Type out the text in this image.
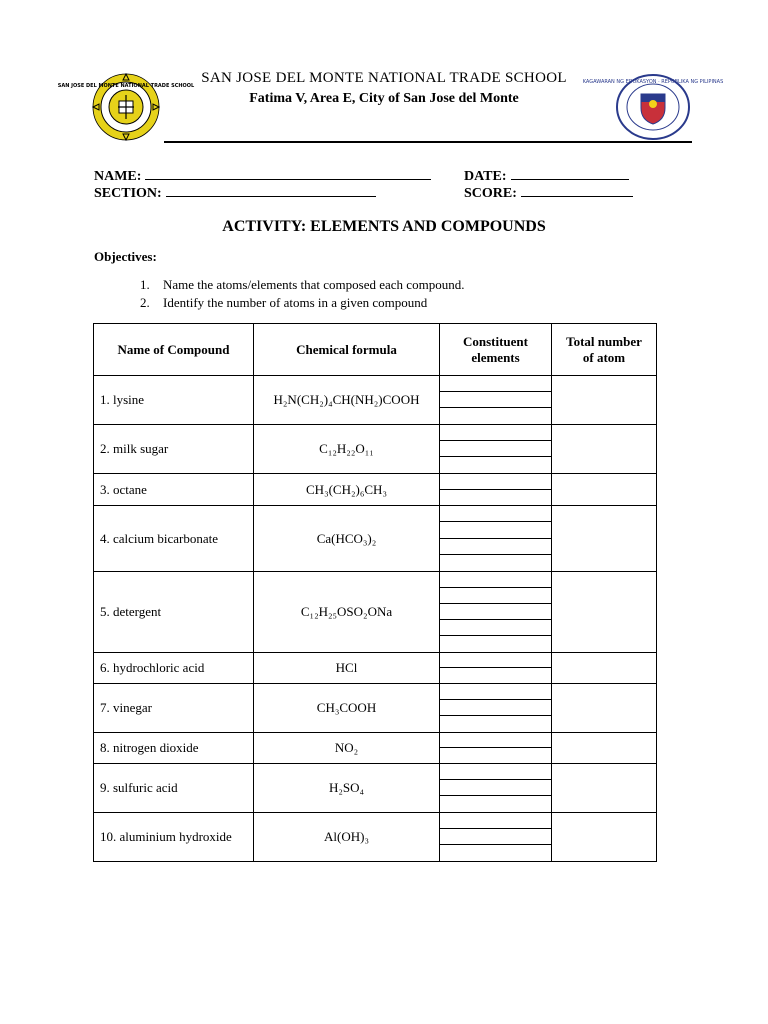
SAN JOSE DEL MONTE NATIONAL TRADE SCHOOL
KAGAWARAN NG EDUKASYON · REPUBLIKA NG PILIPINAS
SAN JOSE DEL MONTE NATIONAL TRADE SCHOOL
Fatima V, Area E, City of San Jose del Monte
NAME:	DATE:
SECTION:	SCORE:
ACTIVITY: ELEMENTS AND COMPOUNDS
Objectives:
1. Name the atoms/elements that composed each compound.
2. Identify the number of atoms in a given compound
Name of Compound	Chemical formula	Constituent elements	Total number of atom
1. lysine	H₂N(CH₂)₄CH(NH₂)COOH	

2. milk sugar	C₁₂H₂₂O₁₁	

3. octane	CH₃(CH₂)₆CH₃	

4. calcium bicarbonate	Ca(HCO₃)₂	

5. detergent	C₁₂H₂₅OSO₂ONa	

6. hydrochloric acid	HCl	

7. vinegar	CH₃COOH	

8. nitrogen dioxide	NO₂	

9. sulfuric acid	H₂SO₄	

10. aluminium hydroxide	Al(OH)₃	
